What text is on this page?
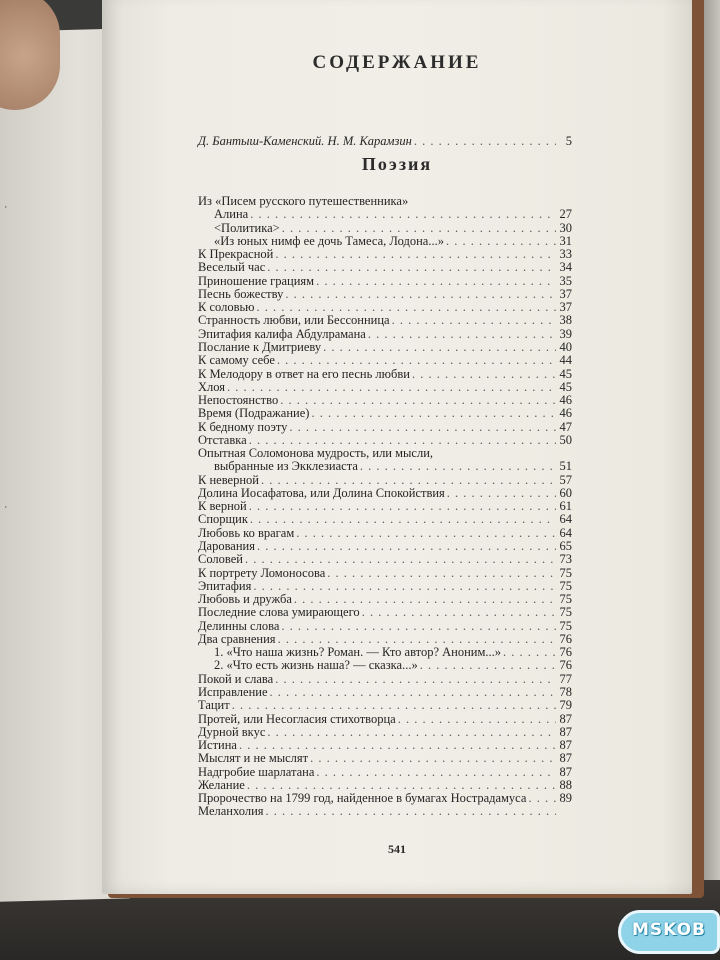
·
·
СОДЕРЖАНИЕ
Д. Бантыш-Каменский. Н. М. Карамзин . . .	5
Поэзия
Из «Писем русского путешественника»
Алина . . .	27
<Политика> . . .	30
«Из юных нимф ее дочь Тамеса, Лодона...» . . .	31
К Прекрасной . . .	33
Веселый час . . .	34
Приношение грациям . . .	35
Песнь божеству . . .	37
К соловью . . .	37
Странность любви, или Бессонница . . .	38
Эпитафия калифа Абдулрамана . . .	39
Послание к Дмитриеву . . .	40
К самому себе . . .	44
К Мелодору в ответ на его песнь любви . . .	45
Хлоя . . .	45
Непостоянство . . .	46
Время (Подражание) . . .	46
К бедному поэту . . .	47
Отставка . . .	50
Опытная Соломонова мудрость, или мысли,
выбранные из Экклезиаста . . .	51
К неверной . . .	57
Долина Иосафатова, или Долина Спокойствия . . .	60
К верной . . .	61
Спорщик . . .	64
Любовь ко врагам . . .	64
Дарования . . .	65
Соловей . . .	73
К портрету Ломоносова . . .	75
Эпитафия . . .	75
Любовь и дружба . . .	75
Последние слова умирающего . . .	75
Делинны слова . . .	75
Два сравнения . . .	76
1. «Что наша жизнь? Роман. — Кто автор? Аноним...» . . .	76
2. «Что есть жизнь наша? — сказка...» . . .	76
Покой и слава . . .	77
Исправление . . .	78
Тацит . . .	79
Протей, или Несогласия стихотворца . . .	87
Дурной вкус . . .	87
Истина . . .	87
Мыслят и не мыслят . . .	87
Надгробие шарлатана . . .	87
Желание . . .	88
Пророчество на 1799 год, найденное в бумагах Нострадамуса . . .	89
Меланхолия
. . .
541
MSKOB
